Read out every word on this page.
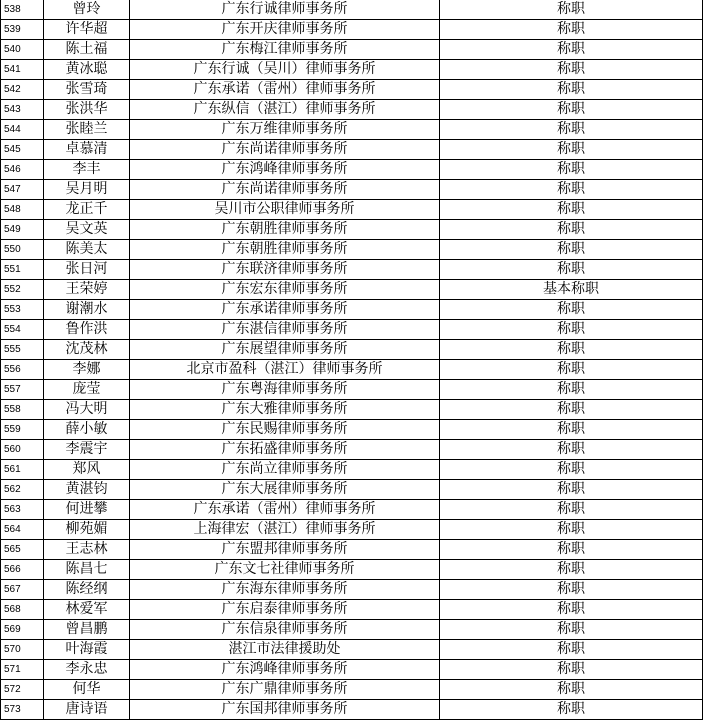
538	曾玲	广东行诚律师事务所	称职
539	许华超	广东开庆律师事务所	称职
540	陈土福	广东梅江律师事务所	称职
541	黄冰聪	广东行诚（吴川）律师事务所	称职
542	张雪琦	广东承诺（雷州）律师事务所	称职
543	张洪华	广东纵信（湛江）律师事务所	称职
544	张睦兰	广东万维律师事务所	称职
545	卓慕清	广东尚诺律师事务所	称职
546	李丰	广东鸿峰律师事务所	称职
547	吴月明	广东尚诺律师事务所	称职
548	龙正千	吴川市公职律师事务所	称职
549	吴文英	广东朝胜律师事务所	称职
550	陈美太	广东朝胜律师事务所	称职
551	张日河	广东联济律师事务所	称职
552	王荣婷	广东宏东律师事务所	基本称职
553	谢潮水	广东承诺律师事务所	称职
554	鲁作洪	广东湛信律师事务所	称职
555	沈茂林	广东展望律师事务所	称职
556	李娜	北京市盈科（湛江）律师事务所	称职
557	庞莹	广东粤海律师事务所	称职
558	冯大明	广东大雅律师事务所	称职
559	薛小敏	广东民赐律师事务所	称职
560	李震宇	广东拓盛律师事务所	称职
561	郑风	广东尚立律师事务所	称职
562	黄湛钧	广东大展律师事务所	称职
563	何进攀	广东承诺（雷州）律师事务所	称职
564	柳苑媚	上海律宏（湛江）律师事务所	称职
565	王志林	广东盟邦律师事务所	称职
566	陈昌七	广东文七社律师事务所	称职
567	陈经纲	广东海东律师事务所	称职
568	林爱军	广东启泰律师事务所	称职
569	曾昌鹏	广东信泉律师事务所	称职
570	叶海霞	湛江市法律援助处	称职
571	李永忠	广东鸿峰律师事务所	称职
572	何华	广东广鼎律师事务所	称职
573	唐诗语	广东国邦律师事务所	称职
